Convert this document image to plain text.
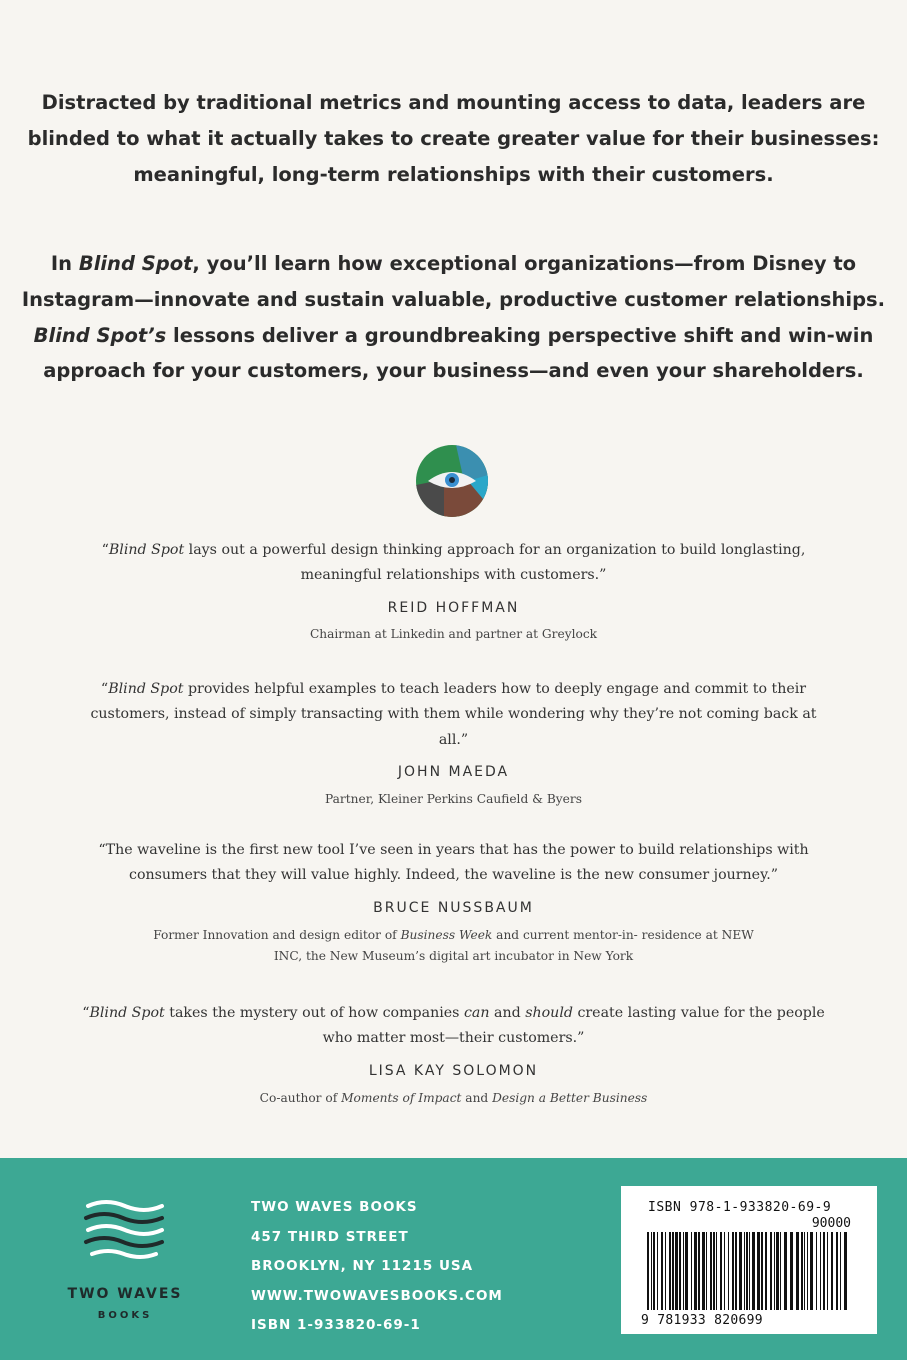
Distracted by traditional metrics and mounting access to data, leaders are blinded to what it actually takes to create greater value for their businesses: meaningful, long-term relationships with their customers.
In Blind Spot, you’ll learn how exceptional organizations—from Disney to Instagram—innovate and sustain valuable, productive customer relationships. Blind Spot’s lessons deliver a groundbreaking perspective shift and win-win approach for your customers, your business—and even your shareholders.
“Blind Spot lays out a powerful design thinking approach for an organization to build longlasting, meaningful relationships with customers.”
REID HOFFMAN
Chairman at Linkedin and partner at Greylock
“Blind Spot provides helpful examples to teach leaders how to deeply engage and commit to their customers, instead of simply transacting with them while wondering why they’re not coming back at all.”
JOHN MAEDA
Partner, Kleiner Perkins Caufield & Byers
“The waveline is the first new tool I’ve seen in years that has the power to build relationships with consumers that they will value highly. Indeed, the waveline is the new consumer journey.”
BRUCE NUSSBAUM
Former Innovation and design editor of Business Week and current mentor-in- residence at NEW INC, the New Museum’s digital art incubator in New York
“Blind Spot takes the mystery out of how companies can and should create lasting value for the people who matter most—their customers.”
LISA KAY SOLOMON
Co-author of Moments of Impact and Design a Better Business
TWO WAVES
BOOKS
TWO WAVES BOOKS
457 THIRD STREET
BROOKLYN, NY 11215 USA
WWW.TWOWAVESBOOKS.COM
ISBN 1-933820-69-1
ISBN 978-1-933820-69-9
90000
9 781933 820699
